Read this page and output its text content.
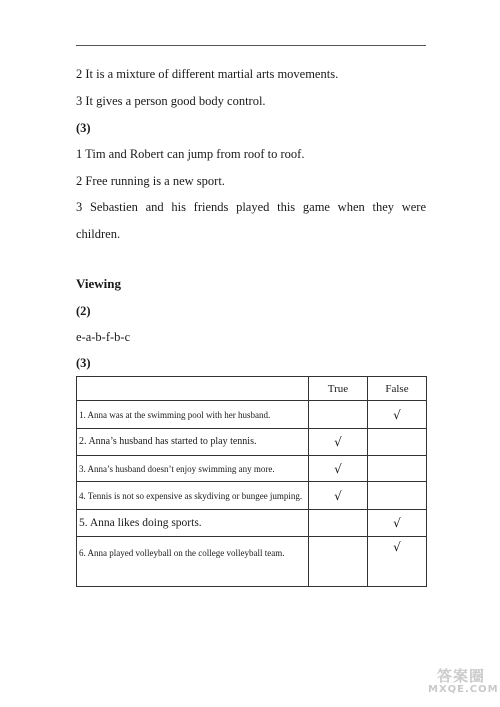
2 It is a mixture of different martial arts movements.
3 It gives a person good body control.
(3)
1 Tim and Robert can jump from roof to roof.
2 Free running is a new sport.
3 Sebastien and his friends played this game when they were
children.
Viewing
(2)
e-a-b-f-b-c
(3)
	True	False
1. Anna was at the swimming pool with her husband.		√
2. Anna’s husband has started to play tennis.	√	
3. Anna’s husband doesn’t enjoy swimming any more.	√	
4. Tennis is not so expensive as skydiving or bungee jumping.	√	
5. Anna likes doing sports.		√
6. Anna played volleyball on the college volleyball team.		√
答案圈
MXQE.COM
